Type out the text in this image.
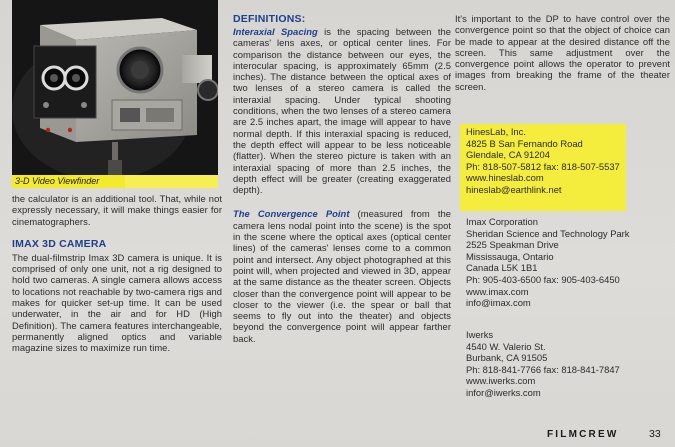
3-D Video Viewfinder

the calculator is an additional tool. That, while not expressly necessary, it will make things easier for cinematographers.

IMAX 3D CAMERA

The dual-filmstrip Imax 3D camera is unique. It is comprised of only one unit, not a rig designed to hold two cameras. A single camera allows access to locations not reachable by two-camera rigs and makes for quicker set-up time. It can be used underwater, in the air and for HD (High Definition). The camera features interchangeable, permanently aligned optics and variable magazine sizes to maximize run time.

DEFINITIONS:

Interaxial Spacing is the spacing between the cameras' lens axes, or optical center lines. For comparison the distance between our eyes, the interocular spacing, is approximately 65mm (2.5 inches). The distance between the optical axes of two lenses of a stereo camera is called the interaxial spacing. Under typical shooting conditions, when the two lenses of a stereo camera are 2.5 inches apart, the image will appear to have normal depth. If this interaxial spacing is reduced, the depth effect will appear to be less noticeable (flatter). When the stereo picture is taken with an interaxial spacing of more than 2.5 inches, the depth effect will be greater (creating exaggerated depth).

The Convergence Point (measured from the camera lens nodal point into the scene) is the spot in the scene where the optical axes (optical center lines) of the cameras' lenses come to a common point and intersect. Any object photographed at this point will, when projected and viewed in 3D, appear at the same distance as the theater screen. Objects closer than the convergence point will appear to be closer to the viewer (i.e. the spear or ball that seems to fly out into the theater) and objects beyond the convergence point will appear farther back.

It's important to the DP to have control over the convergence point so that the object of choice can be made to appear at the desired distance off the screen. This same adjustment over the convergence point allows the operator to prevent images from breaking the frame of the theater screen.

HinesLab, Inc.

4825 B San Fernando Road

Glendale, CA 91204

Ph: 818-507-5812 fax: 818-507-5537

www.hineslab.com

hineslab@earthlink.net

Imax Corporation

Sheridan Science and Technology Park

2525 Speakman Drive

Mississauga, Ontario

Canada L5K 1B1

Ph: 905-403-6500 fax: 905-403-6450

www.imax.com

info@imax.com

Iwerks

4540 W. Valerio St.

Burbank, CA 91505

Ph: 818-841-7766 fax: 818-841-7847

www.iwerks.com

infor@iwerks.com

FILMCREW	33
